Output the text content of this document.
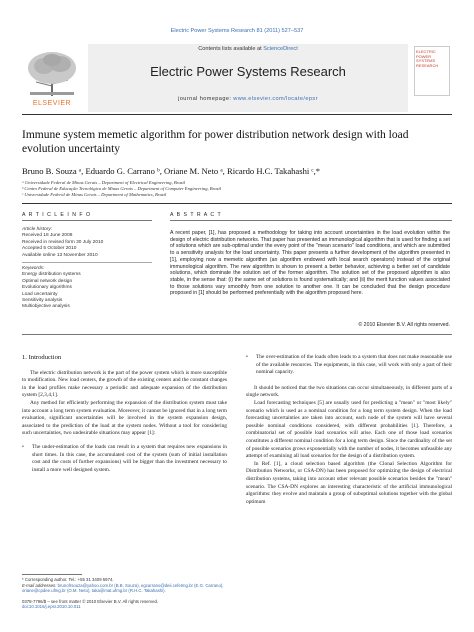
Electric Power Systems Research 81 (2011) 527–537
ELSEVIER
Contents lists available at ScienceDirect
Electric Power Systems Research
journal homepage: www.elsevier.com/locate/epsr
ELECTRIC POWER SYSTEMS RESEARCH
Immune system memetic algorithm for power distribution network design with load evolution uncertainty
Bruno B. Souza ᵃ, Eduardo G. Carrano ᵇ, Oriane M. Neto ᵃ, Ricardo H.C. Takahashi ᶜ,*
ᵃ Universidade Federal de Minas Gerais – Department of Electrical Engineering, Brazil
ᵇ Centro Federal de Educação Tecnológica de Minas Gerais – Department of Computer Engineering, Brazil
ᶜ Universidade Federal de Minas Gerais – Department of Mathematics, Brazil
A R T I C L E I N F O
Article history:
Received 18 June 2008
Received in revised form 30 July 2010
Accepted 5 October 2010
Available online 13 November 2010
Keywords:
Energy distribution systems
Optimal network design
Evolutionary algorithms
Load uncertainty
Sensitivity analysis
Multiobjective analysis
A B S T R A C T
A recent paper, [1], has proposed a methodology for taking into account uncertainties in the load evolution within the design of electric distribution networks. That paper has presented an immunological algorithm that is used for finding a set of solutions which are sub-optimal under the every point of the "mean scenario" load conditions, and which are submitted to a sensitivity analysis for the load uncertainty. This paper presents a further development of the algorithm presented in [1], employing now a memetic algorithm (an algorithm endowed with local search operators) instead of the original immunological algorithm. The new algorithm is shown to present a better behavior, achieving a better set of candidate solutions, which dominate the solution set of the former algorithm. The solution set of the proposed algorithm is also stable, in the sense that: (i) the same set of solutions is found systematically; and (ii) the merit function values associated to those solutions vary smoothly from one solution to another one. It can be concluded that the design procedure proposed in [1] should be performed preferentially with the algorithm proposed here.
© 2010 Elsevier B.V. All rights reserved.
1. Introduction

The electric distribution network is the part of the power system which is more susceptible to modification. New load centers, the growth of the existing centers and the constant changes in the load profiles make necessary a periodic and adequate expansion of the distribution system [2,3,4,1].

Any method for efficiently performing the expansion of the distribution system must take into account a long term system evaluation. Moreover, it cannot be ignored that in a long term evaluation, significant uncertainties will be involved in the system expansion design, associated to the prediction of the load at the system nodes. Without a tool for considering such uncertainties, two undesirable situations may appear [1]:

•	The under-estimation of the loads can result in a system that requires new expansions in short times. In this case, the accumulated cost of the system (sum of initial installation cost and the costs of further expansions) will be bigger than the investment necessary to install a more well designed system.
* Corresponding author. Tel.: +55 31 3409 5974.
E-mail addresses: brunofrsouza@yahoo.com.br (B.B. Souza), egcarrano@deii.cefetmg.br (E.G. Carrano), oriane@cpdee.ufmg.br (O.M. Neto), taka@mat.ufmg.br (R.H.C. Takahashi).
0378-7796/$ – see front matter © 2010 Elsevier B.V. All rights reserved.
doi:10.1016/j.epsr.2010.10.011
•	The over-estimation of the loads often leads to a system that does not make reasonable use of the available resources. The equipments, in this case, will work with only a part of their nominal capacity.

It should be noticed that the two situations can occur simultaneously, in different parts of a single network.

Load forecasting techniques [5] are usually used for predicting a "mean" or "most likely" scenario which is used as a nominal condition for a long term system design. When the load forecasting uncertainties are taken into account, each node of the system will have several possible nominal conditions considered, with different probabilities [1]. Therefore, a combinatorial set of possible load scenarios will arise. Each one of those load scenarios constitutes a different nominal condition for a long term design. Since the cardinality of the set of possible scenarios grows exponentially with the number of nodes, it becomes unfeasible any attempt of examining all load scenarios for the design of a distribution system.

In Ref. [1], a cloud selection based algorithm (the Clonal Selection Algorithm for Distribution Networks, or CSA-DN) has been proposed for optimizing the design of electrical distribution systems, taking into account other relevant possible scenarios besides the "mean" scenario. The CSA-DN explores an interesting characteristic of the artificial immunological algorithms: they evolve and maintain a group of suboptimal solutions together with the global optimum
